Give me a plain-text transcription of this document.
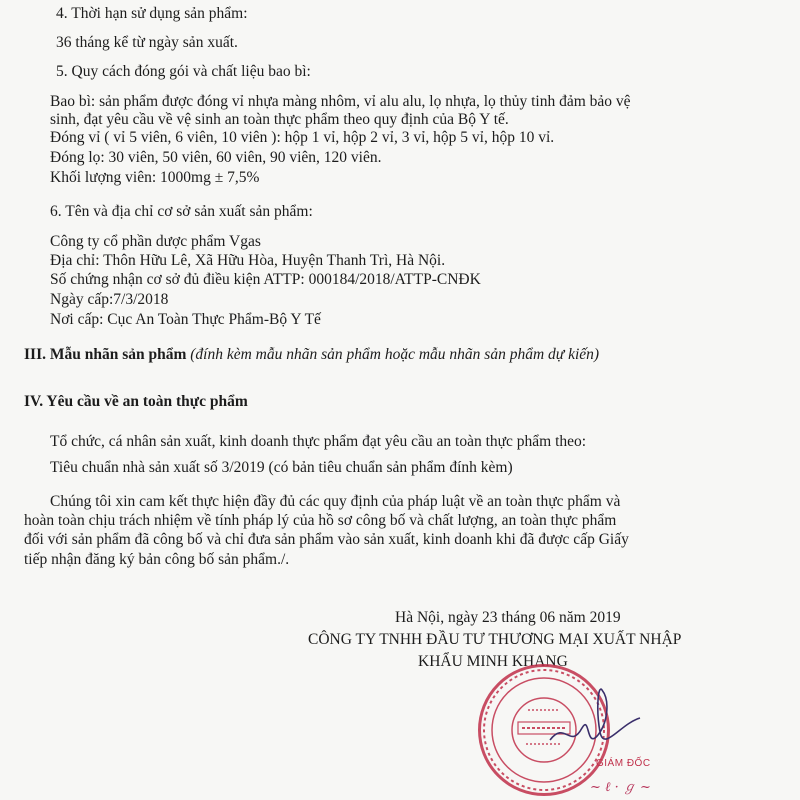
4. Thời hạn sử dụng sản phẩm:
36 tháng kể từ ngày sản xuất.
5. Quy cách đóng gói và chất liệu bao bì:
Bao bì: sản phẩm được đóng vỉ nhựa màng nhôm, vỉ alu alu, lọ nhựa, lọ thủy tinh đảm bảo vệ
sinh, đạt yêu cầu về vệ sinh an toàn thực phẩm theo quy định của Bộ Y tế.
Đóng vỉ ( vỉ 5 viên, 6 viên, 10 viên ): hộp 1 vỉ, hộp 2 vỉ, 3 vỉ, hộp 5 vỉ, hộp 10 vỉ.
Đóng lọ: 30 viên, 50 viên, 60 viên, 90 viên, 120 viên.
Khối lượng viên: 1000mg ± 7,5%
6. Tên và địa chỉ cơ sở sản xuất sản phẩm:
Công ty cổ phần dược phẩm Vgas
Địa chỉ: Thôn Hữu Lê, Xã Hữu Hòa, Huyện Thanh Trì, Hà Nội.
Số chứng nhận cơ sở đủ điều kiện ATTP: 000184/2018/ATTP-CNĐK
Ngày cấp:7/3/2018
Nơi cấp: Cục An Toàn Thực Phẩm-Bộ Y Tế
III. Mẫu nhãn sản phẩm (đính kèm mẫu nhãn sản phẩm hoặc mẫu nhãn sản phẩm dự kiến)
IV. Yêu cầu về an toàn thực phẩm
Tổ chức, cá nhân sản xuất, kinh doanh thực phẩm đạt yêu cầu an toàn thực phẩm theo:
Tiêu chuẩn nhà sản xuất số 3/2019 (có bản tiêu chuẩn sản phẩm đính kèm)
Chúng tôi xin cam kết thực hiện đầy đủ các quy định của pháp luật về an toàn thực phẩm và
hoàn toàn chịu trách nhiệm về tính pháp lý của hồ sơ công bố và chất lượng, an toàn thực phẩm
đối với sản phẩm đã công bố và chỉ đưa sản phẩm vào sản xuất, kinh doanh khi đã được cấp Giấy
tiếp nhận đăng ký bản công bố sản phẩm./.
Hà Nội, ngày 23 tháng 06 năm 2019
CÔNG TY TNHH ĐẦU TƯ THƯƠNG MẠI XUẤT NHẬP
KHẨU MINH KHANG
GIÁM ĐỐC
~ ℓ · ℊ ~
